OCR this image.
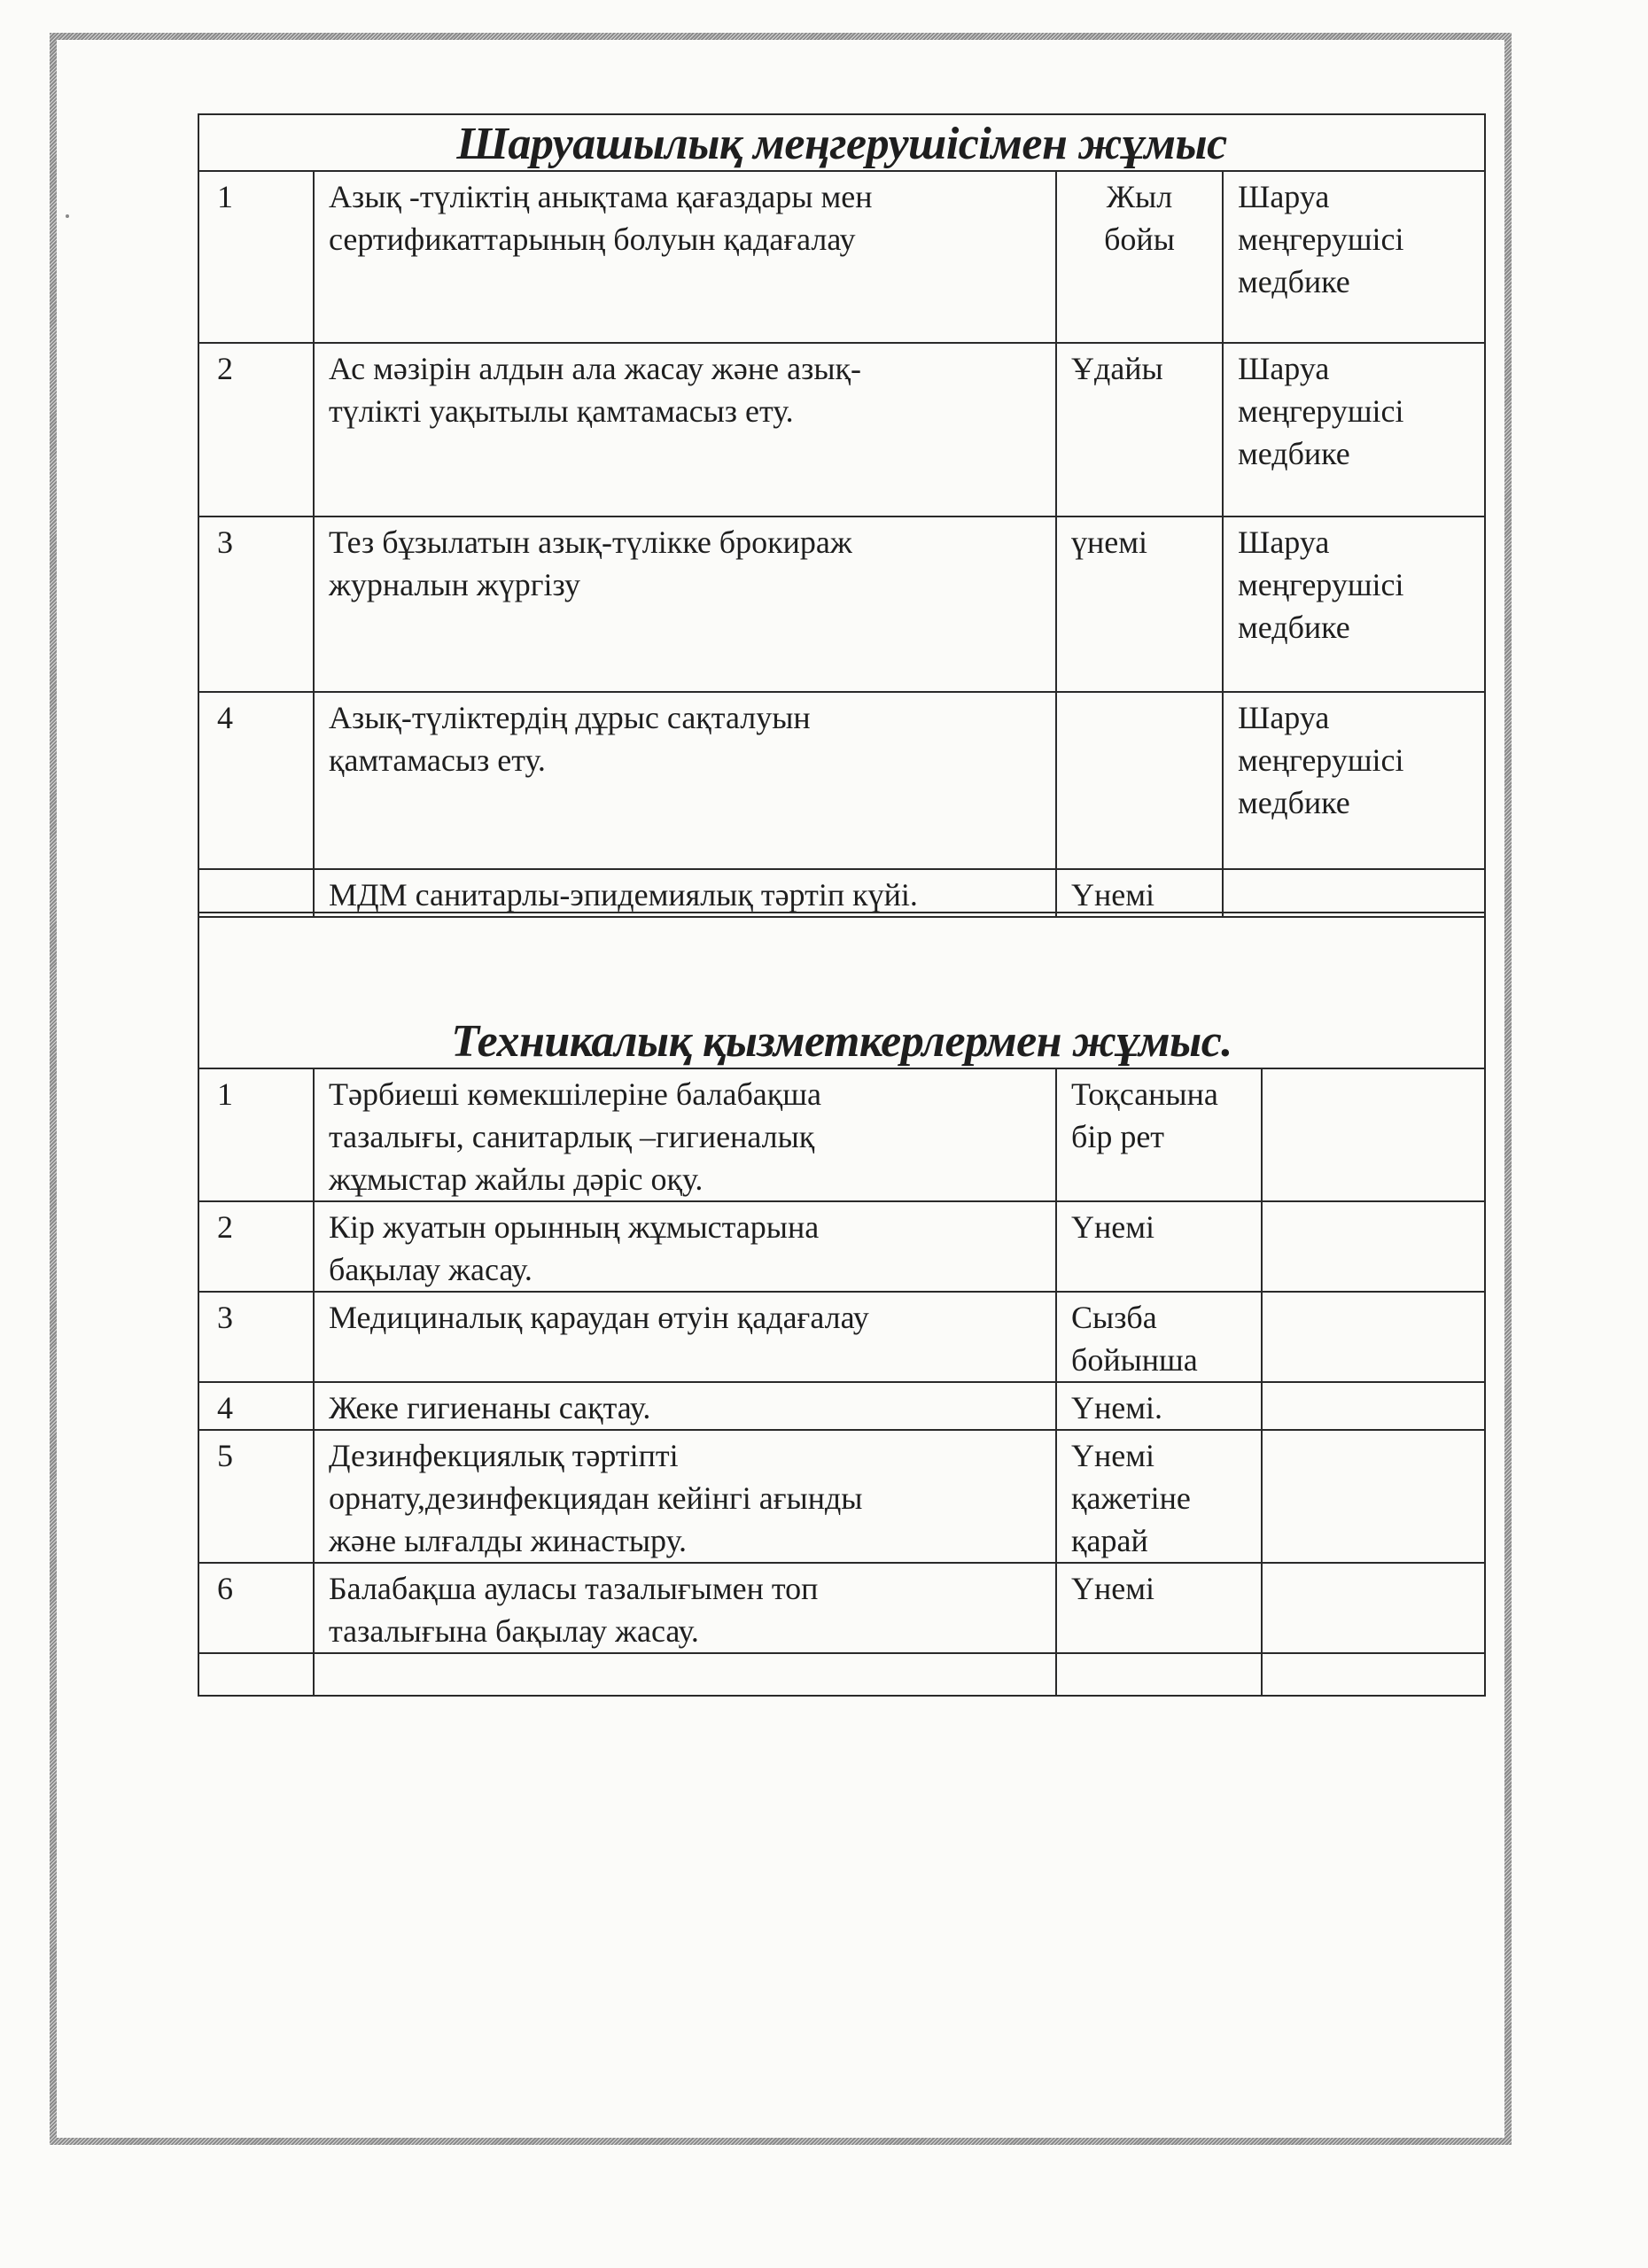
Шаруашылық меңгерушісімен жұмыс			
1	Азық -түліктің анықтама қағаздары мен
сертификаттарының болуын қадағалау	Жыл
бойы	Шаруа
меңгерушісі
медбике

2	Ас мәзірін алдын ала жасау және азық-
түлікті уақытылы қамтамасыз ету.	Ұдайы	Шаруа
меңгерушісі
медбике

3	Тез бұзылатын азық-түлікке брокираж
журналын жүргізу	үнемі	Шаруа
меңгерушісі
медбике

4	Азық-түліктердің дұрыс сақталуын
қамтамасыз ету.		Шаруа
меңгерушісі
медбике

	МДМ санитарлы-эпидемиялық тәртіп күйі.	Үнемі	

Техникалық қызметкерлермен жұмыс.			
1	Тәрбиеші көмекшілеріне балабақша
тазалығы, санитарлық –гигиеналық
жұмыстар жайлы дәріс оқу.	Тоқсанына
бір рет	

2	Кір жуатын орынның жұмыстарына
бақылау жасау.	Үнемі	

3	Медициналық қараудан өтуін қадағалау	Сызба
бойынша	

4	Жеке гигиенаны сақтау.	Үнемі.	

5	Дезинфекциялық тәртіпті
орнату,дезинфекциядан кейінгі ағынды
және ылғалды жинастыру.	Үнемі
қажетіне
қарай	

6	Балабақша ауласы тазалығымен топ
тазалығына бақылау жасау.	Үнемі	
